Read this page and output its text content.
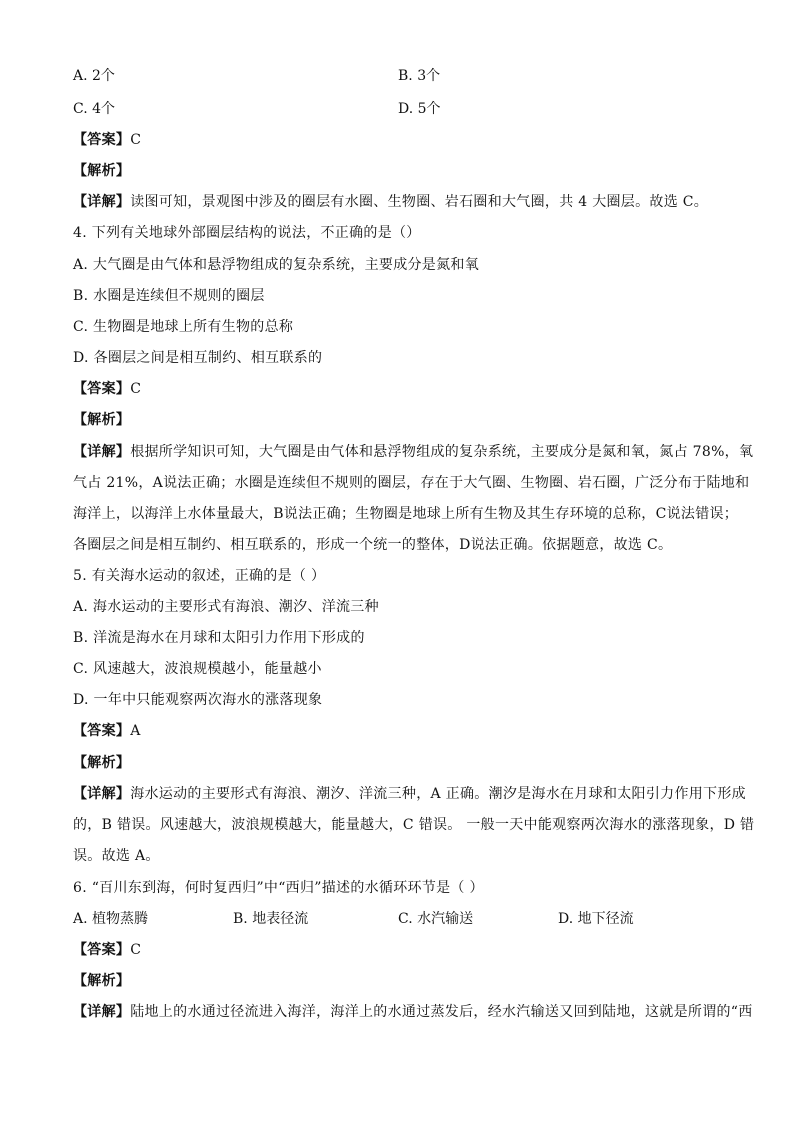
A. 2个	B. 3个
C. 4个	D. 5个
【答案】C
【解析】
【详解】读图可知，景观图中涉及的圈层有水圈、生物圈、岩石圈和大气圈，共 4 大圈层。故选 C。
4. 下列有关地球外部圈层结构的说法，不正确的是（）
A. 大气圈是由气体和悬浮物组成的复杂系统，主要成分是氮和氧
B. 水圈是连续但不规则的圈层
C. 生物圈是地球上所有生物的总称
D. 各圈层之间是相互制约、相互联系的
【答案】C
【解析】
【详解】根据所学知识可知，大气圈是由气体和悬浮物组成的复杂系统，主要成分是氮和氧，氮占 78%，氧
气占 21%，A说法正确；水圈是连续但不规则的圈层，存在于大气圈、生物圈、岩石圈，广泛分布于陆地和
海洋上，以海洋上水体量最大，B说法正确；生物圈是地球上所有生物及其生存环境的总称，C说法错误；
各圈层之间是相互制约、相互联系的，形成一个统一的整体，D说法正确。依据题意，故选 C。
5. 有关海水运动的叙述，正确的是（ ）
A. 海水运动的主要形式有海浪、潮汐、洋流三种
B. 洋流是海水在月球和太阳引力作用下形成的
C. 风速越大，波浪规模越小，能量越小
D. 一年中只能观察两次海水的涨落现象
【答案】A
【解析】
【详解】海水运动的主要形式有海浪、潮汐、洋流三种，A 正确。潮汐是海水在月球和太阳引力作用下形成
的，B 错误。风速越大，波浪规模越大，能量越大，C 错误。 一般一天中能观察两次海水的涨落现象，D 错
误。故选 A。
6. “百川东到海，何时复西归”中“西归”描述的水循环环节是（ ）
A. 植物蒸腾	B. 地表径流	C. 水汽输送	D. 地下径流
【答案】C
【解析】
【详解】陆地上的水通过径流进入海洋，海洋上的水通过蒸发后，经水汽输送又回到陆地，这就是所谓的“西
